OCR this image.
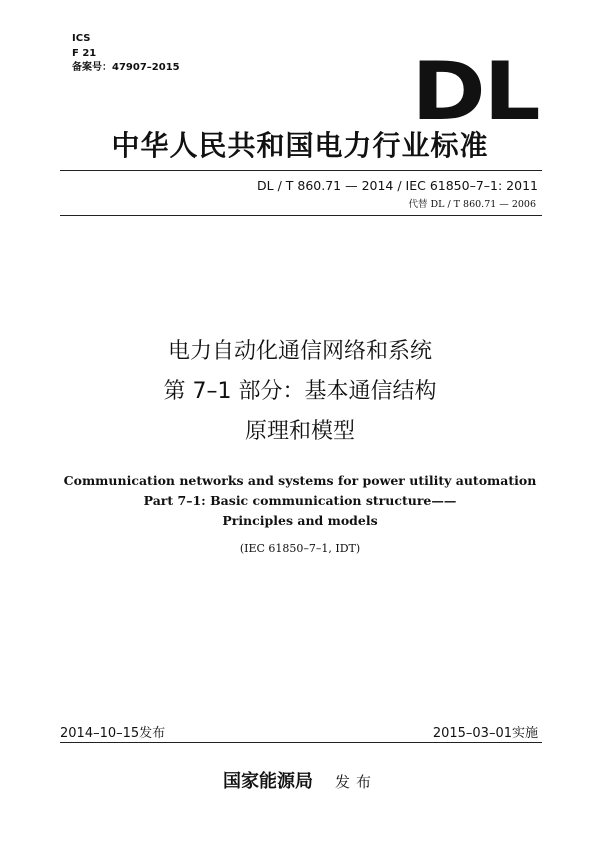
ICS
F 21
备案号：47907–2015	DL
中华人民共和国电力行业标准
DL / T 860.71 — 2014 / IEC 61850–7–1: 2011
代替 DL / T 860.71 — 2006
电力自动化通信网络和系统
第 7–1 部分：基本通信结构
原理和模型
Communication networks and systems for power utility automation
Part 7–1: Basic communication structure——
Principles and models
(IEC 61850–7–1, IDT)
2014–10–15发布	2015–03–01实施
国家能源局 发布
